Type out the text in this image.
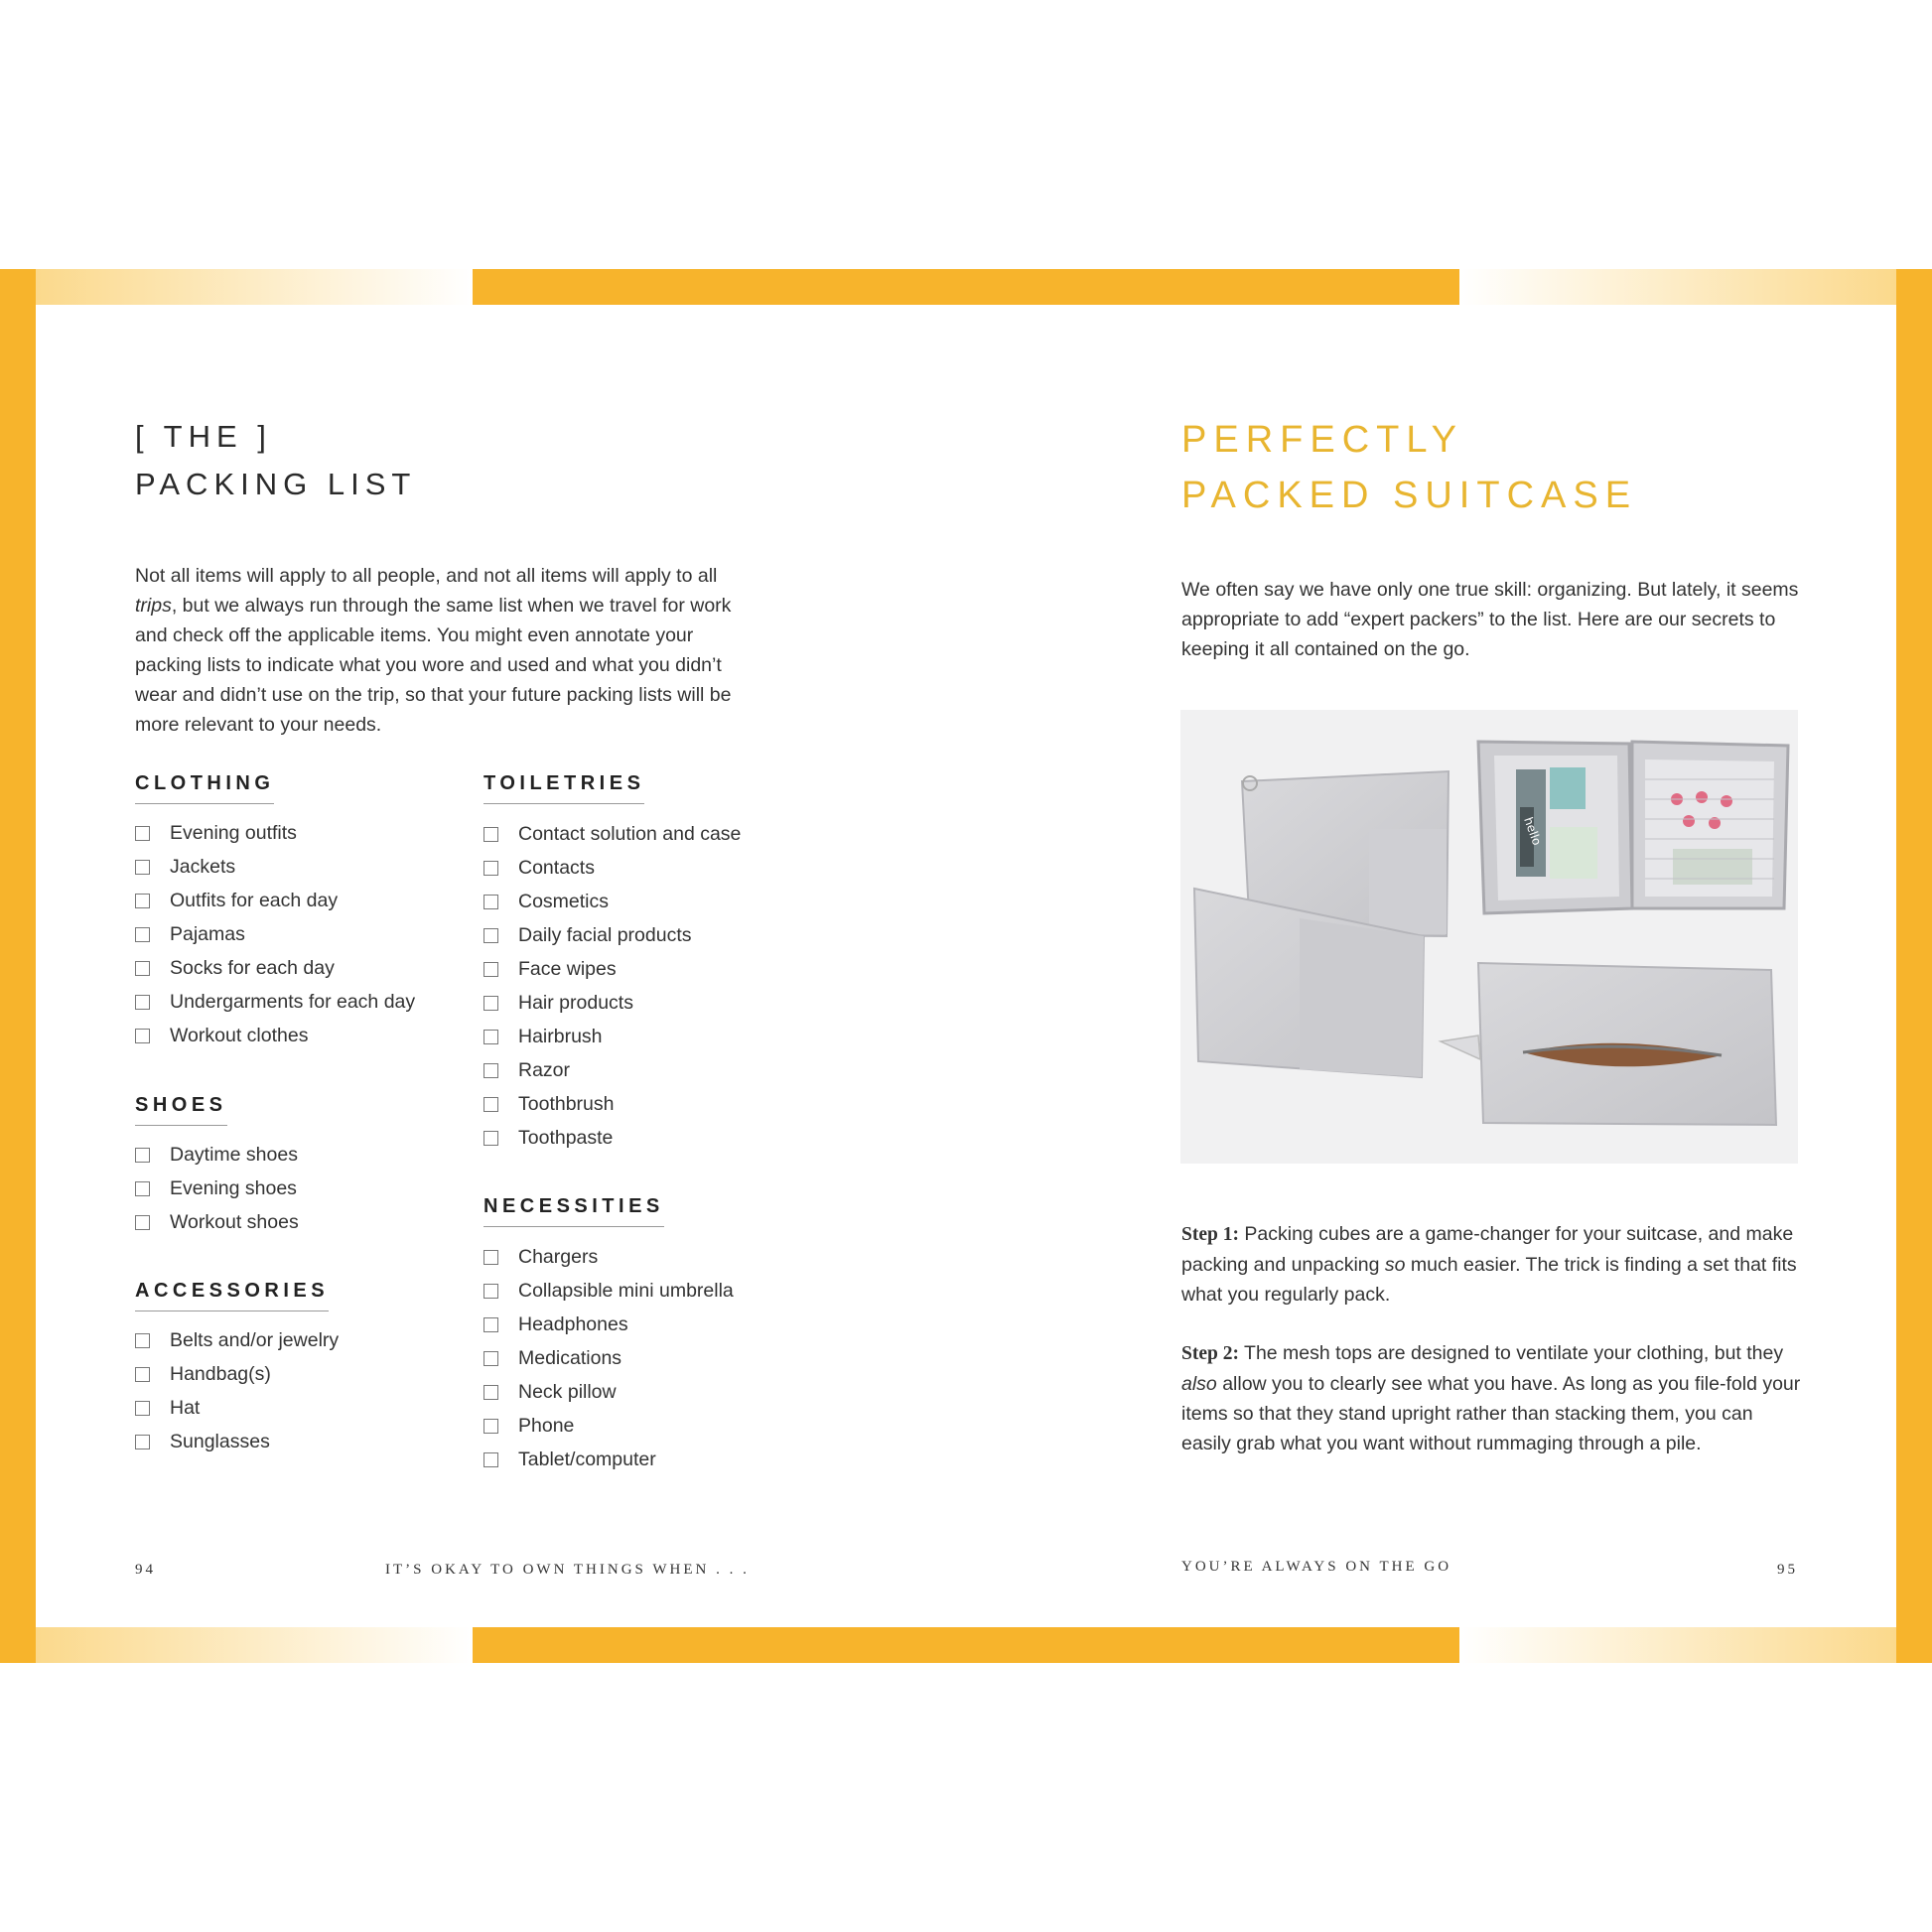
[ THE ]
PACKING LIST

Not all items will apply to all people, and not all items will apply to all trips, but we always run through the same list when we travel for work and check off the applicable items. You might even annotate your packing lists to indicate what you wore and used and what you didn’t wear and didn’t use on the trip, so that your future packing lists will be more relevant to your needs.

CLOTHING
Evening outfits
Jackets
Outfits for each day
Pajamas
Socks for each day
Undergarments for each day
Workout clothes
SHOES
Daytime shoes
Evening shoes
Workout shoes
ACCESSORIES
Belts and/or jewelry
Handbag(s)
Hat
Sunglasses
TOILETRIES
Contact solution and case
Contacts
Cosmetics
Daily facial products
Face wipes
Hair products
Hairbrush
Razor
Toothbrush
Toothpaste
NECESSITIES
Chargers
Collapsible mini umbrella
Headphones
Medications
Neck pillow
Phone
Tablet/computer
94	IT’S OKAY TO OWN THINGS WHEN . . .
PERFECTLY
PACKED SUITCASE

We often say we have only one true skill: organizing. But lately, it seems appropriate to add “expert packers” to the list. Here are our secrets to keeping it all contained on the go.

hello

Step 1: Packing cubes are a game-changer for your suitcase, and make packing and unpacking so much easier. The trick is finding a set that fits what you regularly pack.

Step 2: The mesh tops are designed to ventilate your clothing, but they also allow you to clearly see what you have. As long as you file-fold your items so that they stand upright rather than stacking them, you can easily grab what you want without rummaging through a pile.

YOU’RE ALWAYS ON THE GO	95
